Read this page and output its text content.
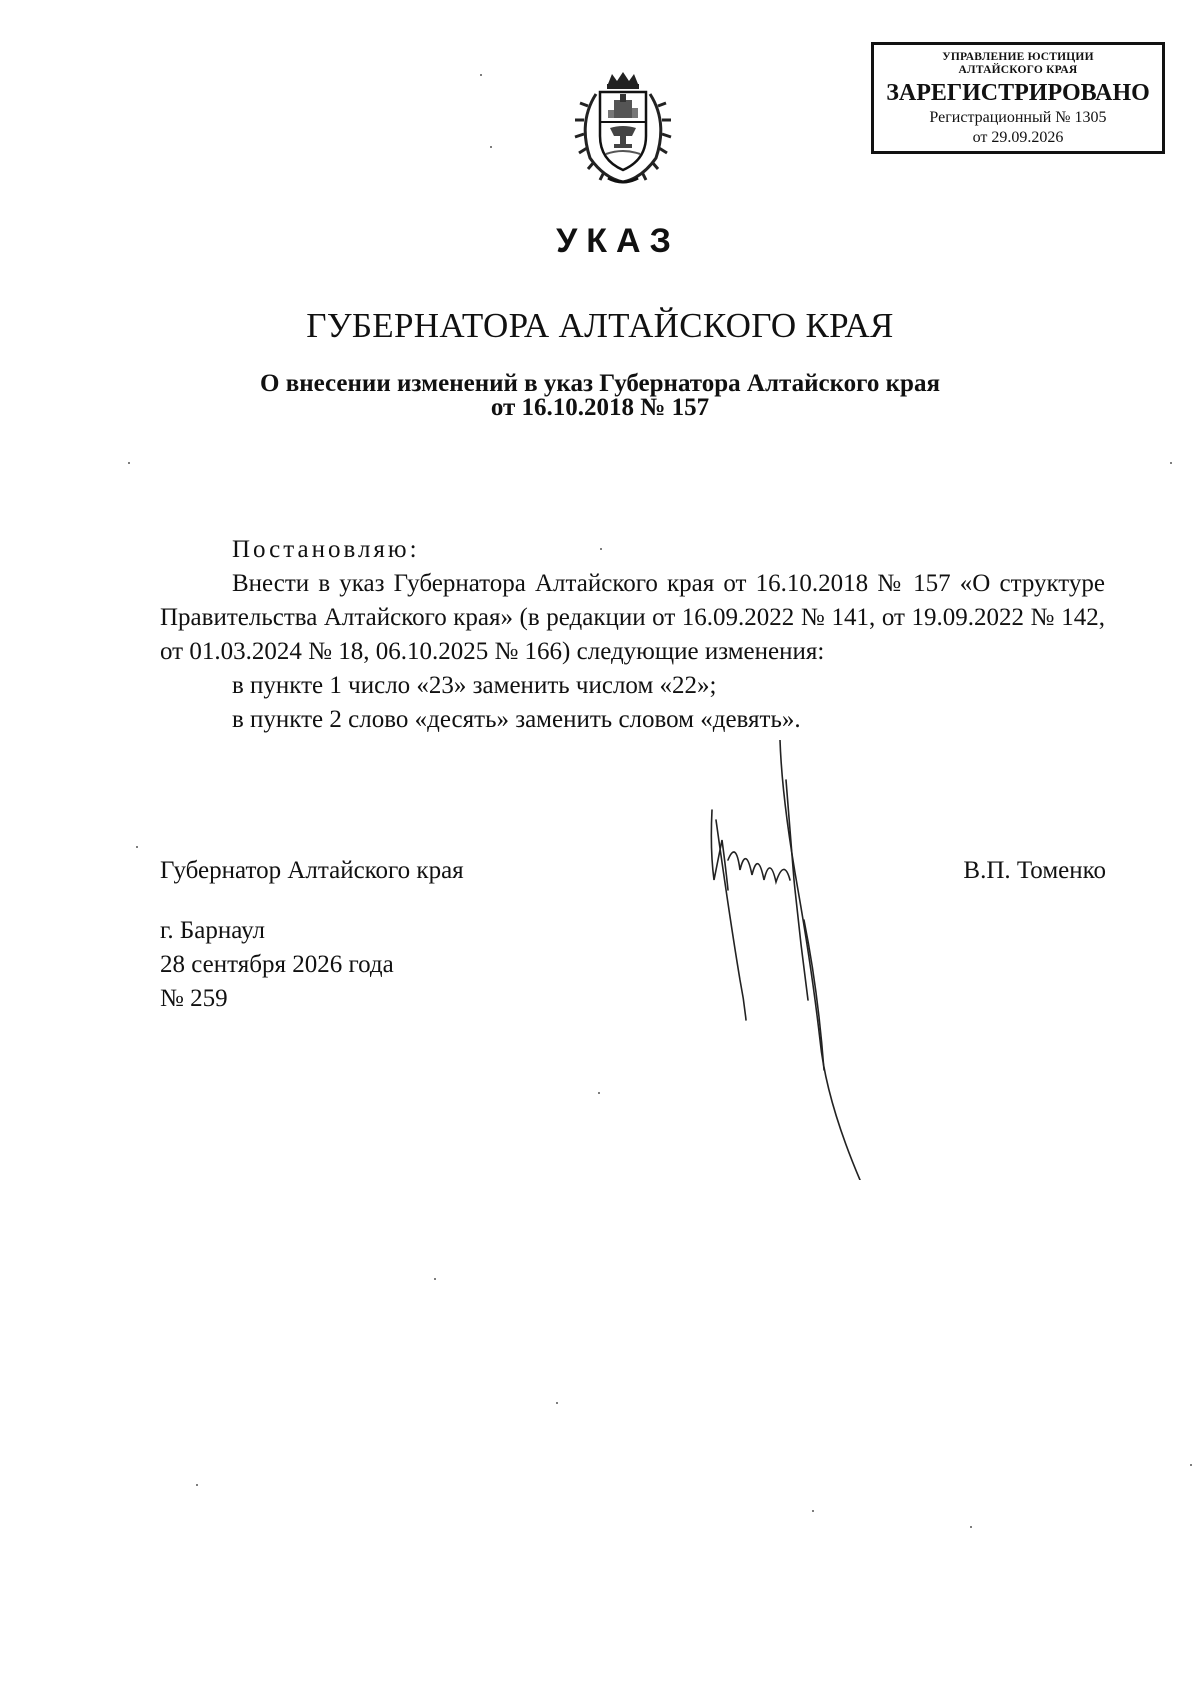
УПРАВЛЕНИЕ ЮСТИЦИИ
АЛТАЙСКОГО КРАЯ
ЗАРЕГИСТРИРОВАНО
Регистрационный № 1305
от 29.09.2026
УКАЗ
ГУБЕРНАТОРА АЛТАЙСКОГО КРАЯ
О внесении изменений в указ Губернатора Алтайского края
от 16.10.2018 № 157
Постановляю:
Внести в указ Губернатора Алтайского края от 16.10.2018 № 157 «О структуре Правительства Алтайского края» (в редакции от 16.09.2022 № 141, от 19.09.2022 № 142, от 01.03.2024 № 18, 06.10.2025 № 166) следующие изменения:
в пункте 1 число «23» заменить числом «22»;
в пункте 2 слово «десять» заменить словом «девять».
Губернатор Алтайского края	В.П. Томенко
г. Барнаул
28 сентября 2026 года
№ 259
